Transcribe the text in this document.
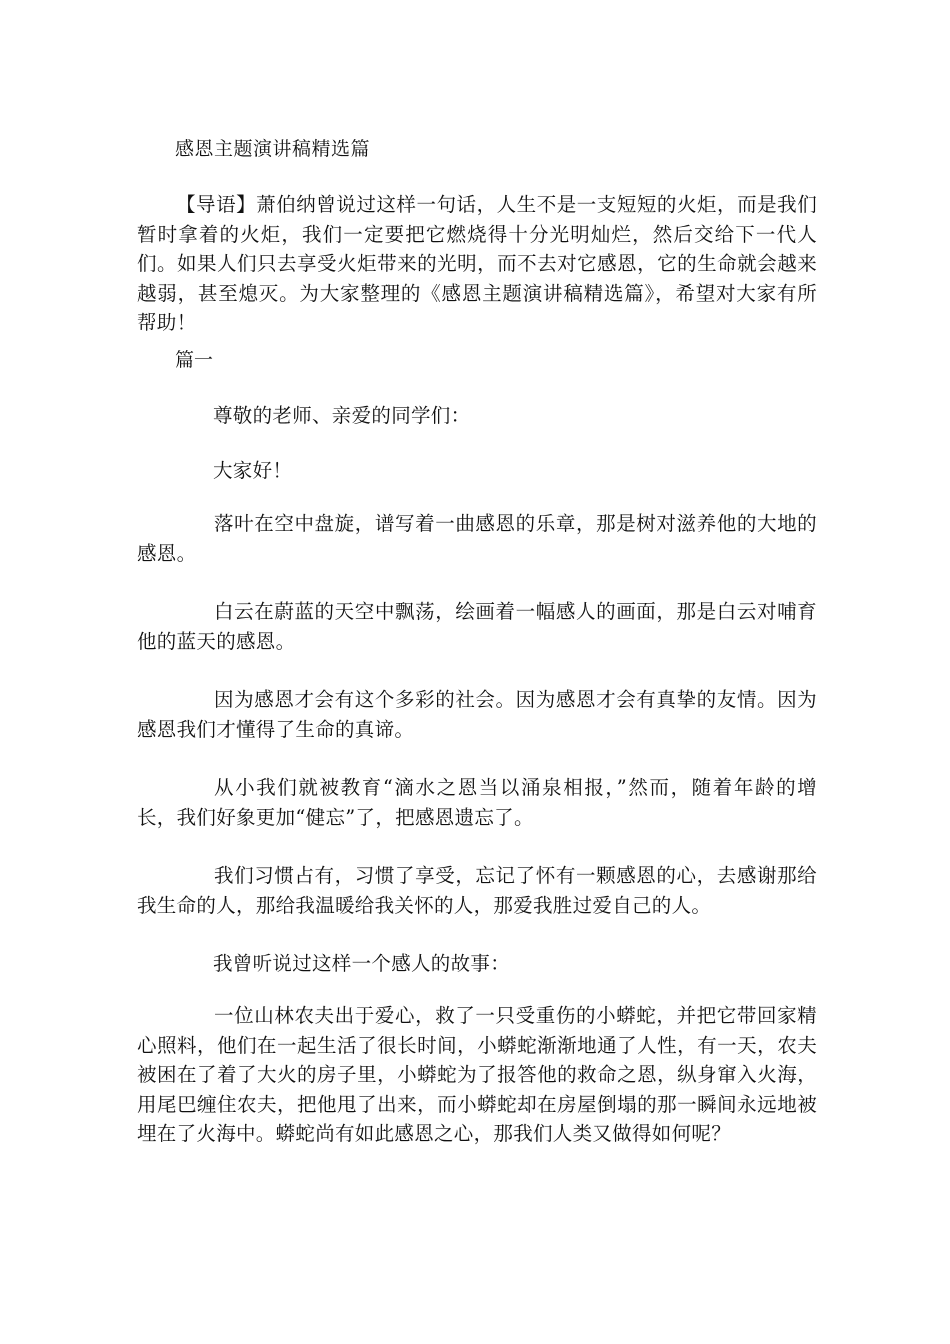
感恩主题演讲稿精选篇
【导语】萧伯纳曾说过这样一句话，人生不是一支短短的火炬，而是我们暂时拿着的火炬，我们一定要把它燃烧得十分光明灿烂，然后交给下一代人们。如果人们只去享受火炬带来的光明，而不去对它感恩，它的生命就会越来越弱，甚至熄灭。为大家整理的《感恩主题演讲稿精选篇》，希望对大家有所帮助！
篇一
尊敬的老师、亲爱的同学们：
大家好！
落叶在空中盘旋，谱写着一曲感恩的乐章，那是树对滋养他的大地的感恩。
白云在蔚蓝的天空中飘荡，绘画着一幅感人的画面，那是白云对哺育他的蓝天的感恩。
因为感恩才会有这个多彩的社会。因为感恩才会有真挚的友情。因为感恩我们才懂得了生命的真谛。
从小我们就被教育“滴水之恩当以涌泉相报，”然而，随着年龄的增长，我们好象更加“健忘”了，把感恩遗忘了。
我们习惯占有，习惯了享受，忘记了怀有一颗感恩的心，去感谢那给我生命的人，那给我温暖给我关怀的人，那爱我胜过爱自己的人。
我曾听说过这样一个感人的故事：
一位山林农夫出于爱心，救了一只受重伤的小蟒蛇，并把它带回家精心照料，他们在一起生活了很长时间，小蟒蛇渐渐地通了人性，有一天，农夫被困在了着了大火的房子里，小蟒蛇为了报答他的救命之恩，纵身窜入火海，用尾巴缠住农夫，把他甩了出来，而小蟒蛇却在房屋倒塌的那一瞬间永远地被埋在了火海中。蟒蛇尚有如此感恩之心，那我们人类又做得如何呢？
